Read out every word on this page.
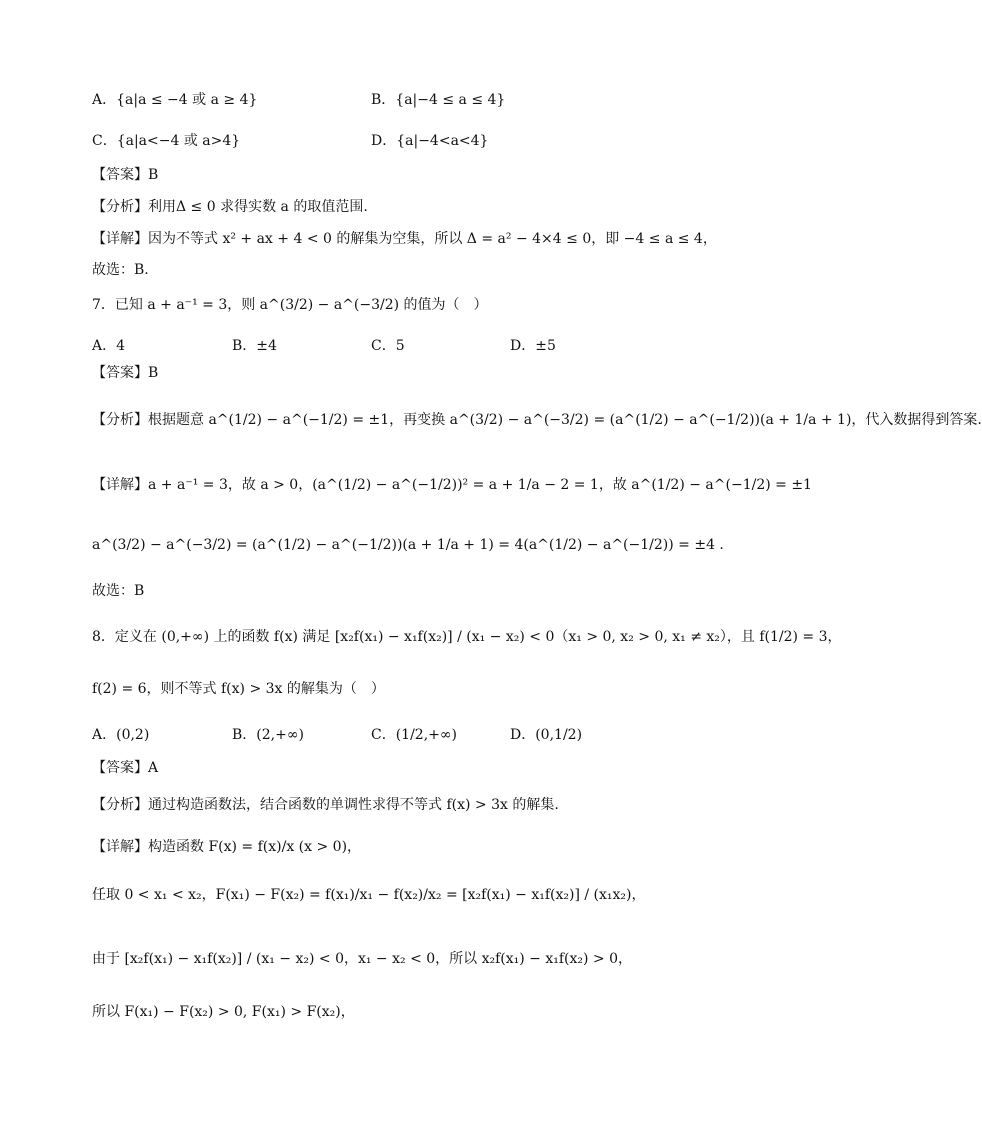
A．{a|a ≤ −4 或 a ≥ 4}	B．{a|−4 ≤ a ≤ 4}
C．{a|a<−4 或 a>4}	D．{a|−4<a<4}
【答案】B
【分析】利用Δ ≤ 0 求得实数 a 的取值范围.
【详解】因为不等式 x² + ax + 4 < 0 的解集为空集，所以 Δ = a² − 4×4 ≤ 0，即 −4 ≤ a ≤ 4，
故选：B.
7．已知 a + a⁻¹ = 3，则 a^(3/2) − a^(−3/2) 的值为（　）
A．4	B．±4	C．5	D．±5
【答案】B
【分析】根据题意 a^(1/2) − a^(−1/2) = ±1，再变换 a^(3/2) − a^(−3/2) = (a^(1/2) − a^(−1/2))(a + 1/a + 1)，代入数据得到答案.
【详解】a + a⁻¹ = 3，故 a > 0，(a^(1/2) − a^(−1/2))² = a + 1/a − 2 = 1，故 a^(1/2) − a^(−1/2) = ±1
a^(3/2) − a^(−3/2) = (a^(1/2) − a^(−1/2))(a + 1/a + 1) = 4(a^(1/2) − a^(−1/2)) = ±4 .
故选：B
8．定义在 (0,+∞) 上的函数 f(x) 满足 [x₂f(x₁) − x₁f(x₂)] / (x₁ − x₂) < 0（x₁ > 0, x₂ > 0, x₁ ≠ x₂），且 f(1/2) = 3，
f(2) = 6，则不等式 f(x) > 3x 的解集为（　）
A．(0,2)	B．(2,+∞)	C．(1/2,+∞)	D．(0,1/2)
【答案】A
【分析】通过构造函数法，结合函数的单调性求得不等式 f(x) > 3x 的解集.
【详解】构造函数 F(x) = f(x)/x (x > 0)，
任取 0 < x₁ < x₂，F(x₁) − F(x₂) = f(x₁)/x₁ − f(x₂)/x₂ = [x₂f(x₁) − x₁f(x₂)] / (x₁x₂)，
由于 [x₂f(x₁) − x₁f(x₂)] / (x₁ − x₂) < 0，x₁ − x₂ < 0，所以 x₂f(x₁) − x₁f(x₂) > 0，
所以 F(x₁) − F(x₂) > 0, F(x₁) > F(x₂)，
